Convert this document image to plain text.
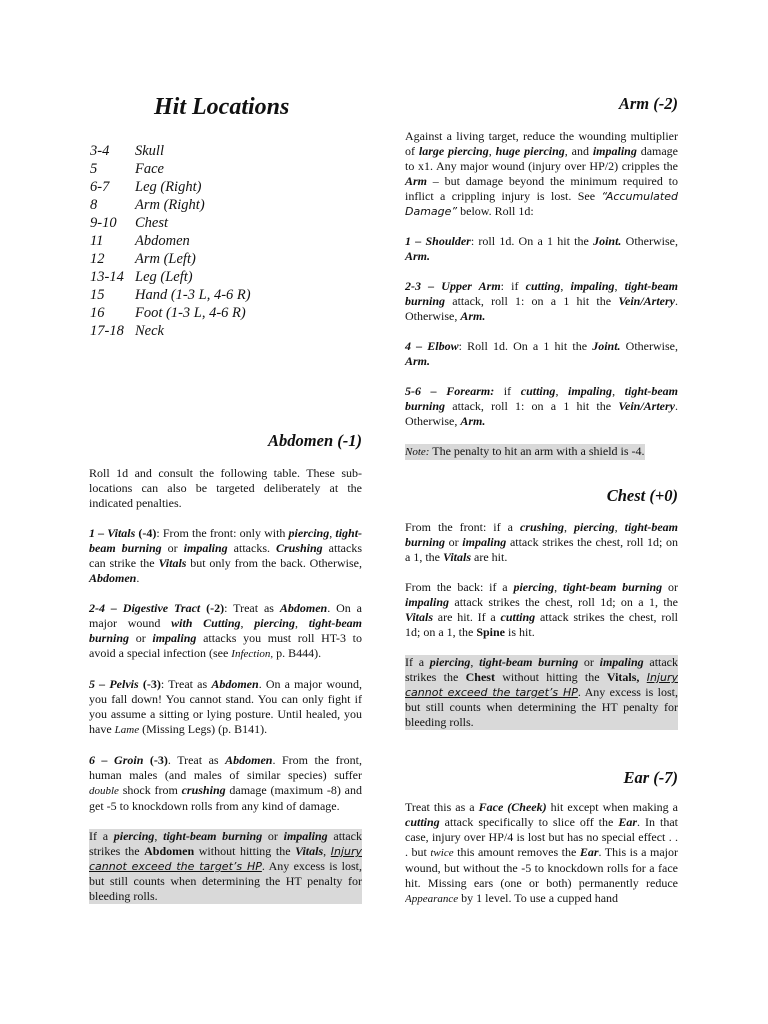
Hit Locations
3-4	Skull
5	Face
6-7	Leg (Right)
8	Arm (Right)
9-10	Chest
11	Abdomen
12	Arm (Left)
13-14 Leg (Left)
15	Hand (1-3 L, 4-6 R)
16	Foot (1-3 L, 4-6 R)
17-18 Neck
Abdomen (-1)

Roll 1d and consult the following table. These sub-locations can also be targeted deliberately at the indicated penalties.

1 – Vitals (-4): From the front: only with piercing, tight-beam burning or impaling attacks. Crushing attacks can strike the Vitals but only from the back. Otherwise, Abdomen.

2-4 – Digestive Tract (-2): Treat as Abdomen. On a major wound with Cutting, piercing, tight-beam burning or impaling attacks you must roll HT-3 to avoid a special infection (see Infection, p. B444).

5 – Pelvis (-3): Treat as Abdomen. On a major wound, you fall down! You cannot stand. You can only fight if you assume a sitting or lying posture. Until healed, you have Lame (Missing Legs) (p. B141).

6 – Groin (-3). Treat as Abdomen. From the front, human males (and males of similar species) suffer double shock from crushing damage (maximum -8) and get -5 to knockdown rolls from any kind of damage.

If a piercing, tight-beam burning or impaling attack strikes the Abdomen without hitting the Vitals, Injury cannot exceed the target’s HP. Any excess is lost, but still counts when determining the HT penalty for bleeding rolls.

Arm (-2)

Against a living target, reduce the wounding multiplier of large piercing, huge piercing, and impaling damage to x1. Any major wound (injury over HP/2) cripples the Arm – but damage beyond the minimum required to inflict a crippling injury is lost. See “Accumulated Damage” below. Roll 1d:

1 – Shoulder: roll 1d. On a 1 hit the Joint. Otherwise, Arm.

2-3 – Upper Arm: if cutting, impaling, tight-beam burning attack, roll 1: on a 1 hit the Vein/Artery. Otherwise, Arm.

4 – Elbow: Roll 1d. On a 1 hit the Joint. Otherwise, Arm.

5-6 – Forearm: if cutting, impaling, tight-beam burning attack, roll 1: on a 1 hit the Vein/Artery. Otherwise, Arm.

Note: The penalty to hit an arm with a shield is -4.

Chest (+0)

From the front: if a crushing, piercing, tight-beam burning or impaling attack strikes the chest, roll 1d; on a 1, the Vitals are hit.

From the back: if a piercing, tight-beam burning or impaling attack strikes the chest, roll 1d; on a 1, the Vitals are hit. If a cutting attack strikes the chest, roll 1d; on a 1, the Spine is hit.

If a piercing, tight-beam burning or impaling attack strikes the Chest without hitting the Vitals, Injury cannot exceed the target’s HP. Any excess is lost, but still counts when determining the HT penalty for bleeding rolls.

Ear (-7)

Treat this as a Face (Cheek) hit except when making a cutting attack specifically to slice off the Ear. In that case, injury over HP/4 is lost but has no special effect . . . but twice this amount removes the Ear. This is a major wound, but without the -5 to knockdown rolls for a face hit. Missing ears (one or both) permanently reduce Appearance by 1 level. To use a cupped hand
